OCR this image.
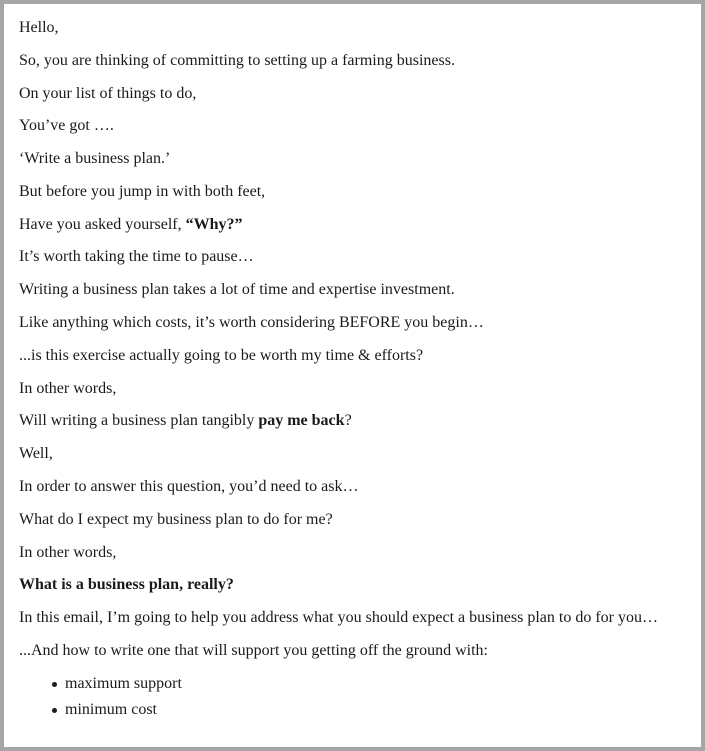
Hello,

So, you are thinking of committing to setting up a farming business.

On your list of things to do,

You’ve got ….

‘Write a business plan.’

But before you jump in with both feet,

Have you asked yourself, “Why?”

It’s worth taking the time to pause…

Writing a business plan takes a lot of time and expertise investment.

Like anything which costs, it’s worth considering BEFORE you begin…

...is this exercise actually going to be worth my time & efforts?

In other words,

Will writing a business plan tangibly pay me back?

Well,

In order to answer this question, you’d need to ask…

What do I expect my business plan to do for me?

In other words,

What is a business plan, really?

In this email, I’m going to help you address what you should expect a business plan to do for you…

...And how to write one that will support you getting off the ground with:

maximum support
minimum cost
